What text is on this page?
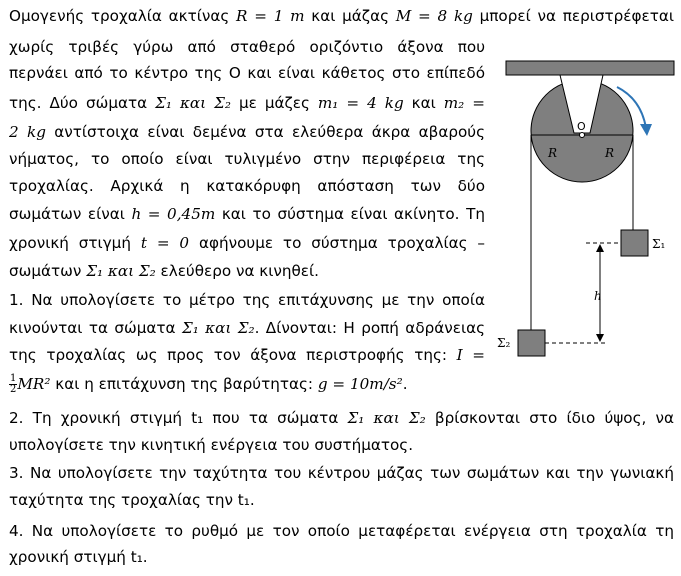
Ομογενής τροχαλία ακτίνας R = 1 m και μάζας M = 8 kg μπορεί να περιστρέφεται
χωρίς τριβές γύρω από σταθερό οριζόντιο άξονα που
περνάει από το κέντρο της Ο και είναι κάθετος στο επίπεδό
της. Δύο σώματα Σ₁ και Σ₂ με μάζες m₁ = 4 kg και m₂ =
2 kg αντίστοιχα είναι δεμένα στα ελεύθερα άκρα αβαρούς
νήματος, το οποίο είναι τυλιγμένο στην περιφέρεια της
τροχαλίας. Αρχικά η κατακόρυφη απόσταση των δύο
σωμάτων είναι h = 0,45m και το σύστημα είναι ακίνητο. Τη
χρονική στιγμή t = 0 αφήνουμε το σύστημα τροχαλίας –
σωμάτων Σ₁ και Σ₂ ελεύθερο να κινηθεί.
1. Να υπολογίσετε το μέτρο της επιτάχυνσης με την οποία
κινούνται τα σώματα Σ₁ και Σ₂. Δίνονται: Η ροπή αδράνειας
της τροχαλίας ως προς τον άξονα περιστροφής της: I =
$\frac{1}{2} MR^2$ και η επιτάχυνση της βαρύτητας: g = 10m/s².
2. Τη χρονική στιγμή t₁ που τα σώματα Σ₁ και Σ₂ βρίσκονται στο ίδιο ύψος, να
υπολογίσετε την κινητική ενέργεια του συστήματος.
3. Να υπολογίσετε την ταχύτητα του κέντρου μάζας των σωμάτων και την γωνιακή
ταχύτητα της τροχαλίας την t₁.
4. Να υπολογίσετε το ρυθμό με τον οποίο μεταφέρεται ενέργεια στη τροχαλία τη
χρονική στιγμή t₁.
O
R	R
Σ₁
Σ₂
h
